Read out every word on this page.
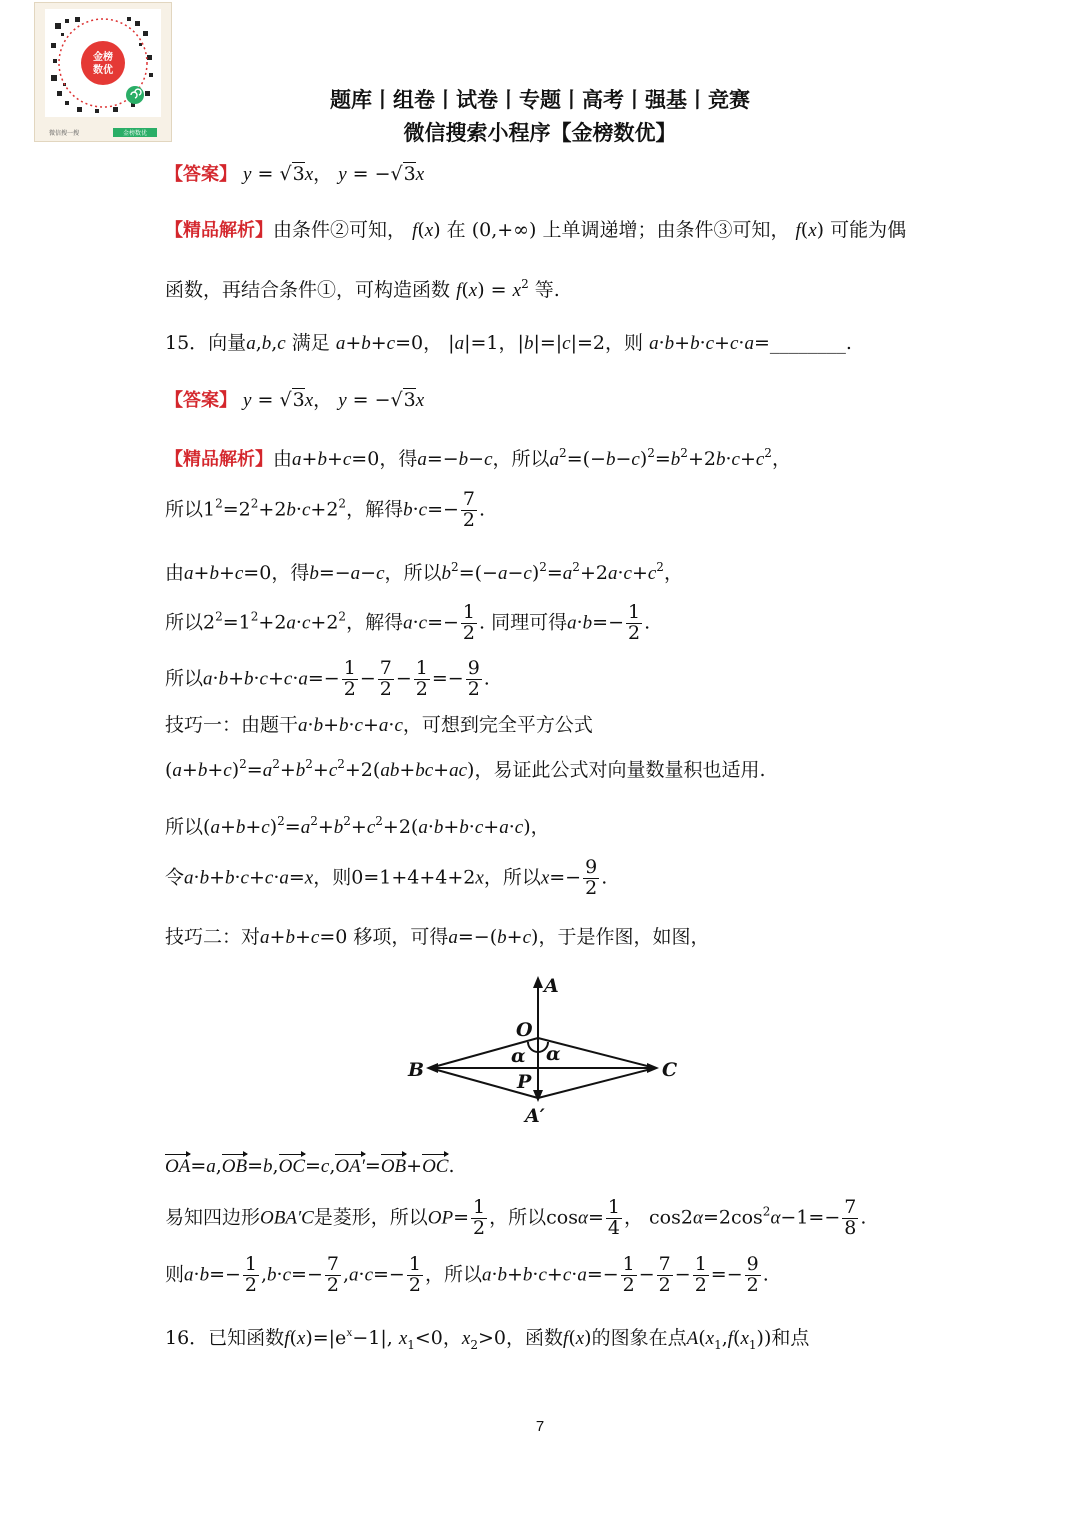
金榜
数优
微信搜一搜	金榜数优
题库丨组卷丨试卷丨专题丨高考丨强基丨竞赛
微信搜索小程序【金榜数优】
【答案】 y = √3x， y = −√3x
【精品解析】由条件②可知， f(x) 在 (0,+∞) 上单调递增；由条件③可知， f(x) 可能为偶
函数，再结合条件①，可构造函数 $f(x) = x^2$ 等.
15．向量a,b,c 满足 a+b+c=0， |a|=1，|b|=|c|=2，则 a·b+b·c+c·a=________.
【答案】 y = √3x， y = −√3x
【精品解析】由a+b+c=0，得a=−b−c，所以$a^2=(-b-c)^2=b^2+2b\cdot c+c^2$，
所以$1^2=2^2+2b\cdot c+2^2$，解得$b\cdot c=- \frac{7}{2}$ .
由a+b+c=0，得b=−a−c，所以$b^2=(-a-c)^2=a^2+2a\cdot c+c^2$，
所以$2^2=1^2+2a\cdot c+2^2$，解得$a\cdot c=- \frac{1}{2}$ . 同理可得$a\cdot b=- \frac{1}{2}$ .
所以$a\cdot b+b\cdot c+c\cdot a=- \frac{1}{2} - \frac{7}{2} - \frac{1}{2} =- \frac{9}{2}$ .
技巧一：由题干a·b+b·c+a·c，可想到完全平方公式
$(a+b+c)^2=a^2+b^2+c^2+2(ab+bc+ac)$，易证此公式对向量数量积也适用.
所以$(a+b+c)^2=a^2+b^2+c^2+2(a\cdot b+b\cdot c+a\cdot c)$，
令a·b+b·c+c·a=x，则0=1+4+4+2x，所以$x=- \frac{9}{2}$ .
技巧二：对a+b+c=0 移项，可得a=−(b+c)，于是作图，如图，
A
O
B	C
P
A′
α α
OA=a,OB=b,OC=c,OA′=OB+OC.
易知四边形OBA′C是菱形，所以$OP= \frac{1}{2}$ ，所以$\cos\alpha= \frac{1}{4}$ ， $\cos 2\alpha=2\cos^2\alpha-1=- \frac{7}{8}$ .
则$a\cdot b=- \frac{1}{2} ,b\cdot c=- \frac{7}{2} ,a\cdot c=- \frac{1}{2}$ ，所以$a\cdot b+b\cdot c+c\cdot a=- \frac{1}{2} - \frac{7}{2} - \frac{1}{2} =- \frac{9}{2}$ .
16．已知函数$f(x)=|e^x-1|$, $x_1<0$，$x_2>0$，函数f(x)的图象在点$A(x_1,f(x_1))$和点
7
